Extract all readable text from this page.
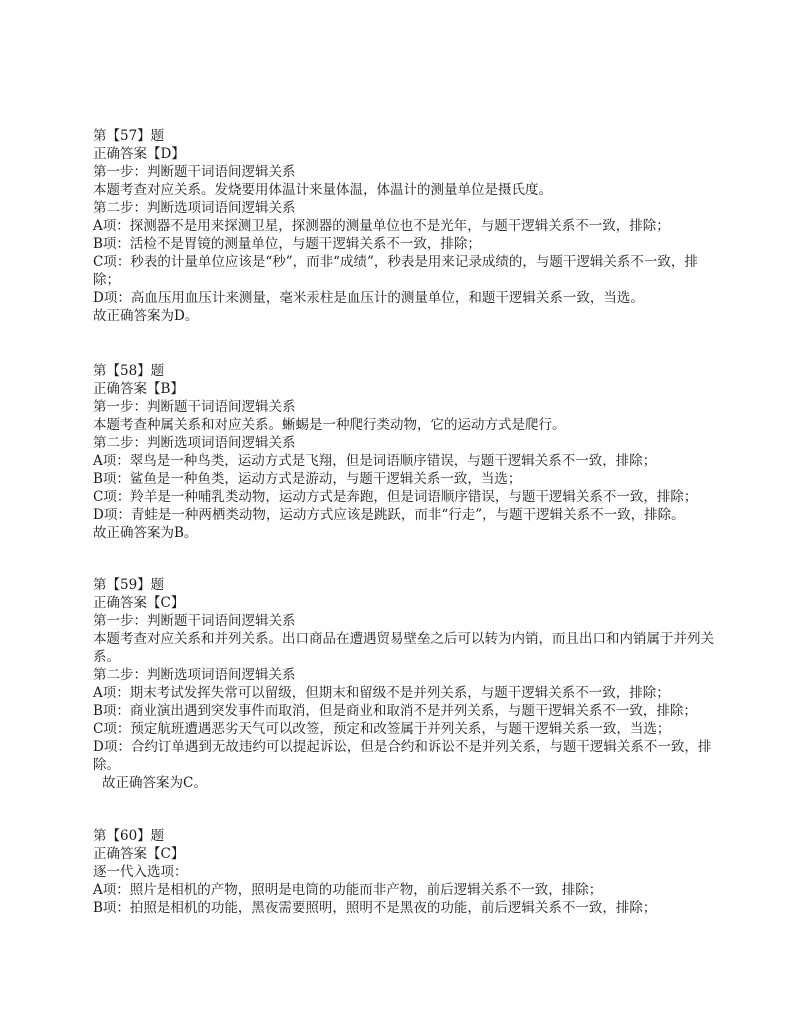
第【57】题
正确答案【D】
第一步：判断题干词语间逻辑关系
本题考查对应关系。发烧要用体温计来量体温，体温计的测量单位是摄氏度。
第二步：判断选项词语间逻辑关系
A项：探测器不是用来探测卫星，探测器的测量单位也不是光年，与题干逻辑关系不一致，排除；
B项：活检不是胃镜的测量单位，与题干逻辑关系不一致，排除；
C项：秒表的计量单位应该是“秒”，而非“成绩”，秒表是用来记录成绩的，与题干逻辑关系不一致，排除；
D项：高血压用血压计来测量，毫米汞柱是血压计的测量单位，和题干逻辑关系一致，当选。
故正确答案为D。
第【58】题
正确答案【B】
第一步：判断题干词语间逻辑关系
本题考查种属关系和对应关系。蜥蜴是一种爬行类动物，它的运动方式是爬行。
第二步：判断选项词语间逻辑关系
A项：翠鸟是一种鸟类，运动方式是飞翔，但是词语顺序错误，与题干逻辑关系不一致，排除；
B项：鲨鱼是一种鱼类，运动方式是游动，与题干逻辑关系一致，当选；
C项：羚羊是一种哺乳类动物，运动方式是奔跑，但是词语顺序错误，与题干逻辑关系不一致，排除；
D项：青蛙是一种两栖类动物，运动方式应该是跳跃，而非“行走”，与题干逻辑关系不一致，排除。
故正确答案为B。
第【59】题
正确答案【C】
第一步：判断题干词语间逻辑关系
本题考查对应关系和并列关系。出口商品在遭遇贸易壁垒之后可以转为内销，而且出口和内销属于并列关系。
第二步：判断选项词语间逻辑关系
A项：期末考试发挥失常可以留级，但期末和留级不是并列关系，与题干逻辑关系不一致，排除；
B项：商业演出遇到突发事件而取消，但是商业和取消不是并列关系，与题干逻辑关系不一致，排除；
C项：预定航班遭遇恶劣天气可以改签，预定和改签属于并列关系，与题干逻辑关系一致，当选；
D项：合约订单遇到无故违约可以提起诉讼，但是合约和诉讼不是并列关系，与题干逻辑关系不一致，排除。
故正确答案为C。
第【60】题
正确答案【C】
逐一代入选项：
A项：照片是相机的产物，照明是电筒的功能而非产物，前后逻辑关系不一致，排除；
B项：拍照是相机的功能，黑夜需要照明，照明不是黑夜的功能，前后逻辑关系不一致，排除；
